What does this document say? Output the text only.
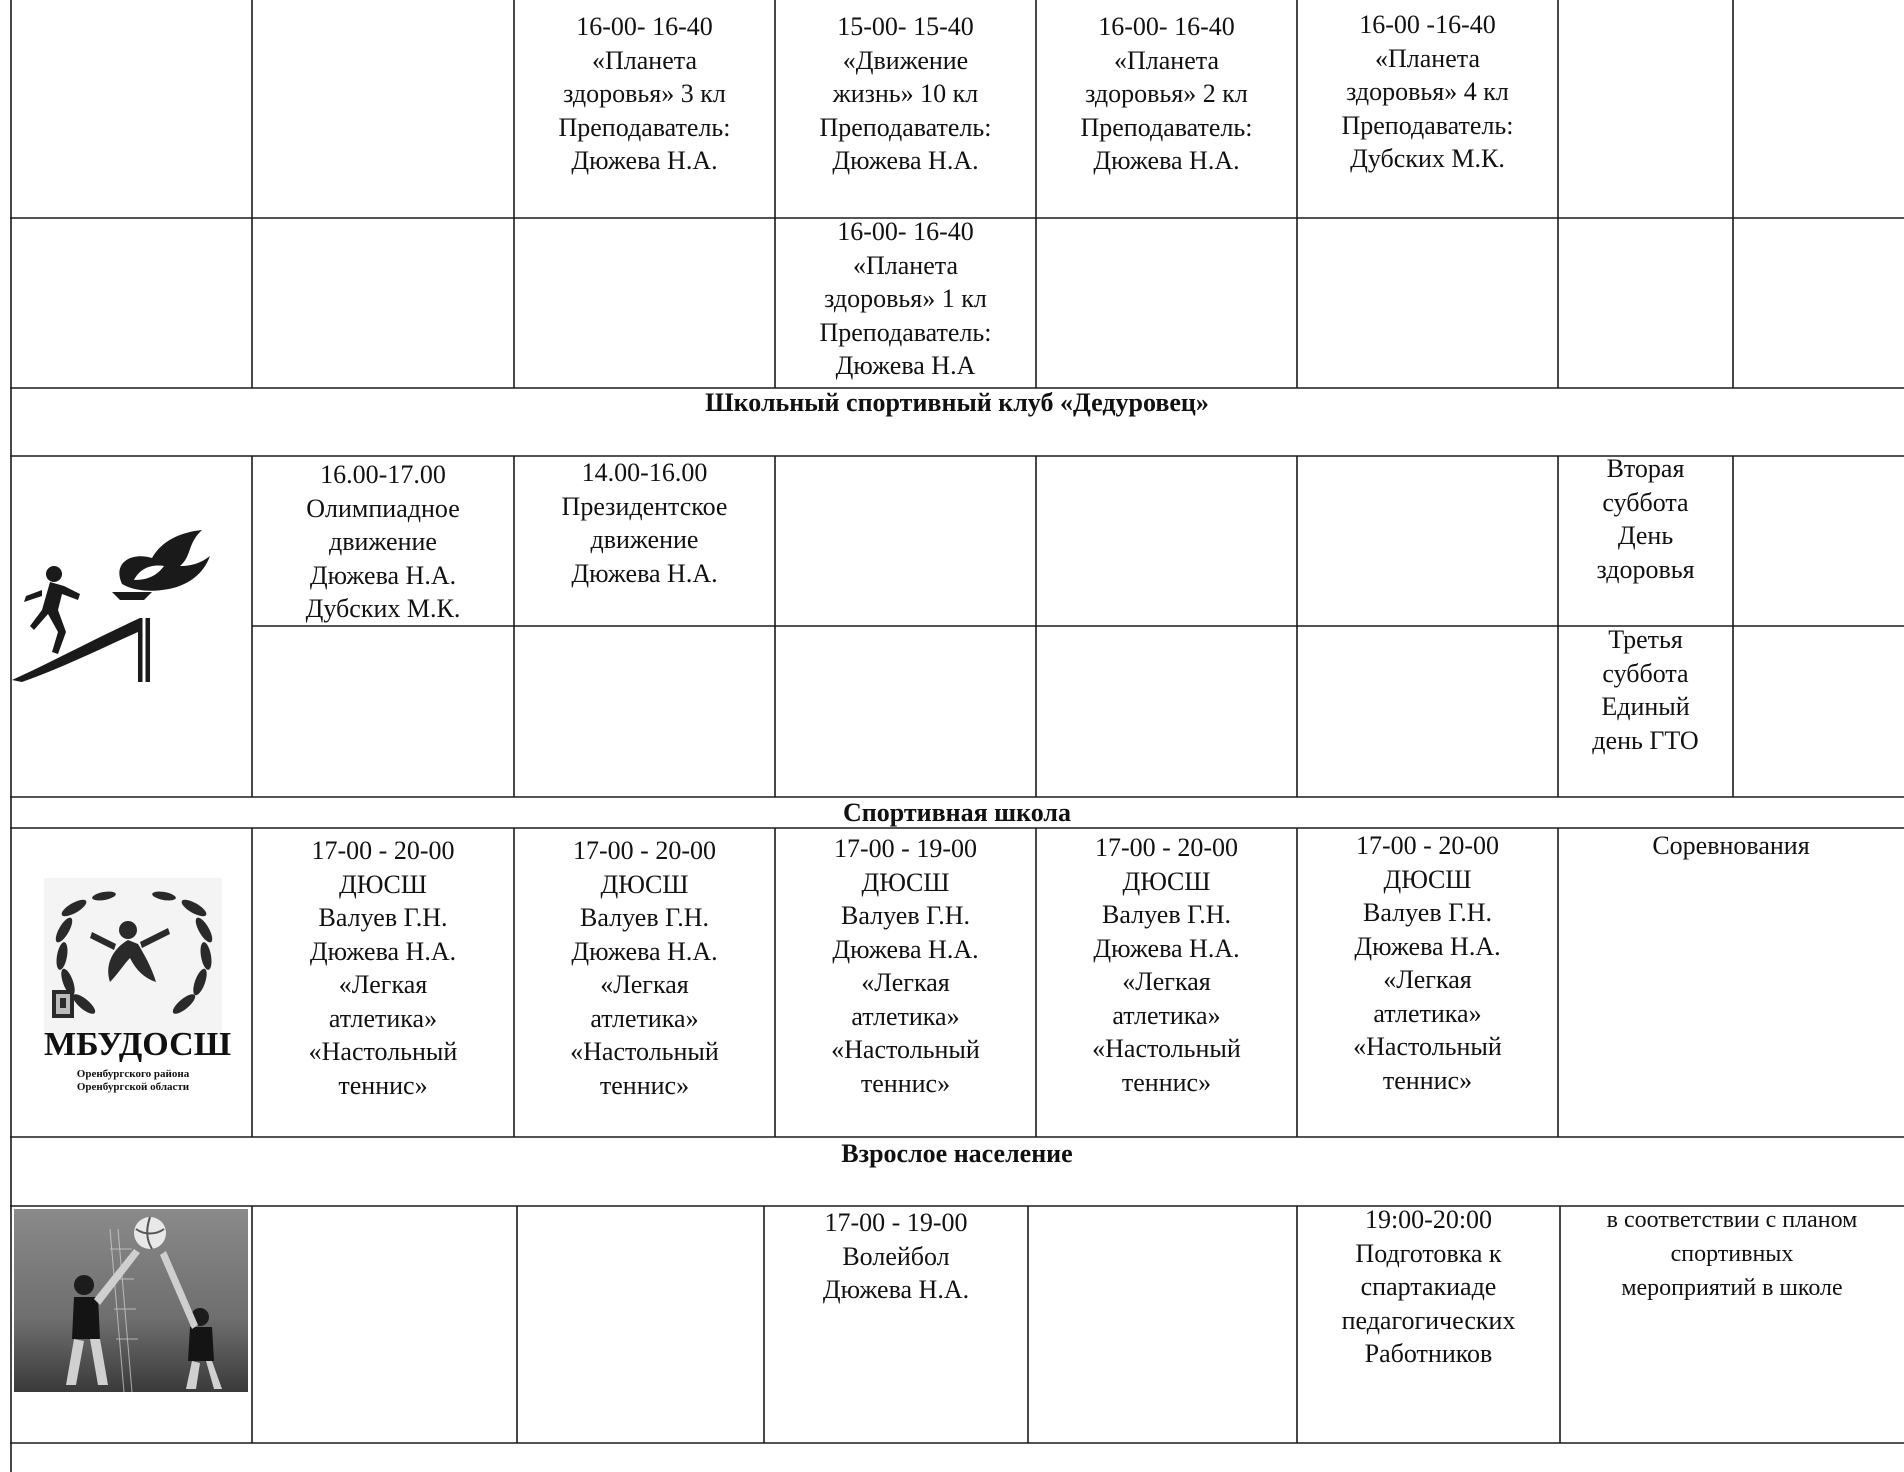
16-00- 16-40
«Планета
здоровья» 3 кл
Преподаватель:
Дюжева Н.А.
15-00- 15-40
«Движение
жизнь» 10 кл
Преподаватель:
Дюжева Н.А.
16-00- 16-40
«Планета
здоровья» 2 кл
Преподаватель:
Дюжева Н.А.
16-00 -16-40
«Планета
здоровья» 4 кл
Преподаватель:
Дубских М.К.
16-00- 16-40
«Планета
здоровья» 1 кл
Преподаватель:
Дюжева Н.А
Школьный спортивный клуб «Дедуровец»
16.00-17.00
Олимпиадное
движение
Дюжева Н.А.
Дубских М.К.
14.00-16.00
Президентское
движение
Дюжева Н.А.
Вторая
суббота
День
здоровья
Третья
суббота
Единый
день ГТО
Спортивная школа
МБУДОСШ
Оренбургского района
Оренбургской области
17-00 - 20-00
ДЮСШ
Валуев Г.Н.
Дюжева Н.А.
«Легкая
атлетика»
«Настольный
теннис»
17-00 - 20-00
ДЮСШ
Валуев Г.Н.
Дюжева Н.А.
«Легкая
атлетика»
«Настольный
теннис»
17-00 - 19-00
ДЮСШ
Валуев Г.Н.
Дюжева Н.А.
«Легкая
атлетика»
«Настольный
теннис»
17-00 - 20-00
ДЮСШ
Валуев Г.Н.
Дюжева Н.А.
«Легкая
атлетика»
«Настольный
теннис»
17-00 - 20-00
ДЮСШ
Валуев Г.Н.
Дюжева Н.А.
«Легкая
атлетика»
«Настольный
теннис»
Соревнования
Взрослое население
17-00 - 19-00
Волейбол
Дюжева Н.А.
19:00-20:00
Подготовка к
спартакиаде
педагогических
Работников
в соответствии с планом
спортивных
мероприятий в школе
